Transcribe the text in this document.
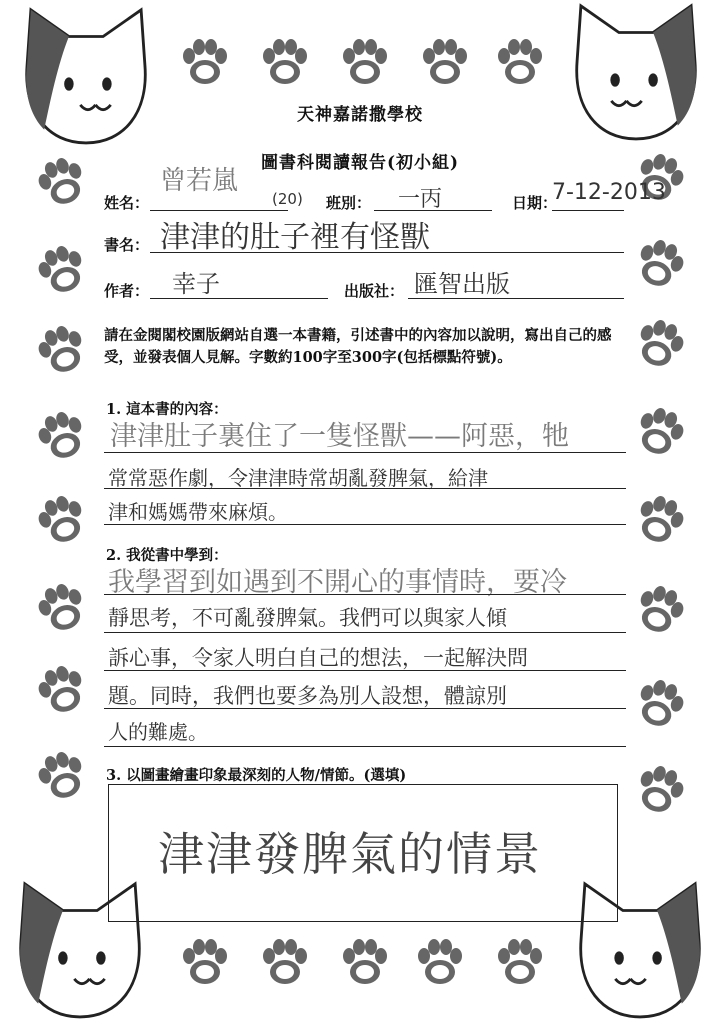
天神嘉諾撒學校
圖書科閱讀報告(初小組)
姓名：
曾若嵐
(20) 班別： 一丙	日期：
7-12-2013
書名： 津津的肚子裡有怪獸
作者： 幸子	出版社： 匯智出版
請在金閱閣校園版網站自選一本書籍，引述書中的內容加以說明，寫出自己的感受，並發表個人見解。字數約100字至300字(包括標點符號)。
1. 這本書的內容：
津津肚子裏住了一隻怪獸——阿惡，牠
常常惡作劇，令津津時常胡亂發脾氣，給津
津和媽媽帶來麻煩。
2. 我從書中學到：
我學習到如遇到不開心的事情時，要冷
靜思考，不可亂發脾氣。我們可以與家人傾
訴心事，令家人明白自己的想法，一起解決問
題。同時，我們也要多為別人設想，體諒別
人的難處。
3. 以圖畫繪畫印象最深刻的人物/情節。(選填)
津津發脾氣的情景
